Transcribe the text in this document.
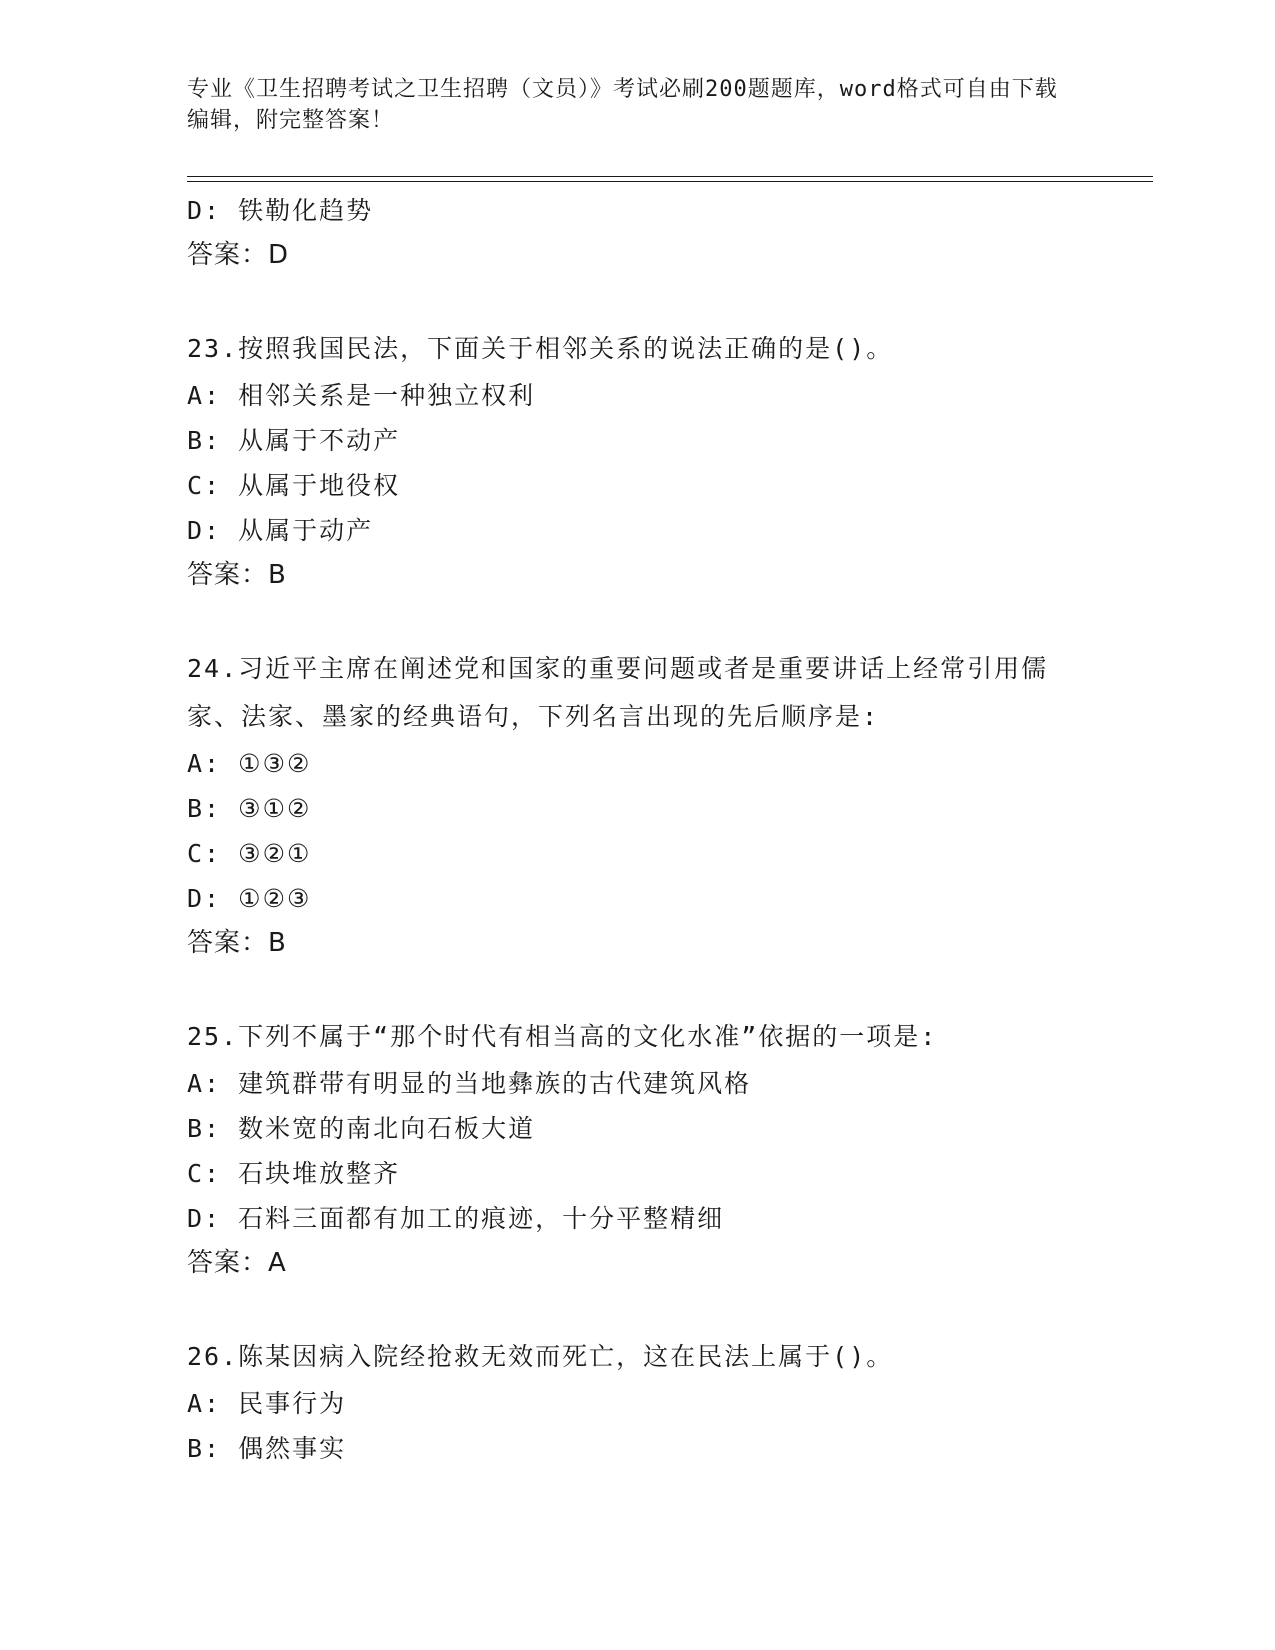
专业《卫生招聘考试之卫生招聘（文员）》考试必刷200题题库，word格式可自由下载编辑，附完整答案！
D: 铁勒化趋势
答案：D
23.按照我国民法，下面关于相邻关系的说法正确的是()。
A: 相邻关系是一种独立权利
B: 从属于不动产
C: 从属于地役权
D: 从属于动产
答案：B
24.习近平主席在阐述党和国家的重要问题或者是重要讲话上经常引用儒家、法家、墨家的经典语句，下列名言出现的先后顺序是:
A: ①③②
B: ③①②
C: ③②①
D: ①②③
答案：B
25.下列不属于“那个时代有相当高的文化水准”依据的一项是:
A: 建筑群带有明显的当地彝族的古代建筑风格
B: 数米宽的南北向石板大道
C: 石块堆放整齐
D: 石料三面都有加工的痕迹，十分平整精细
答案：A
26.陈某因病入院经抢救无效而死亡，这在民法上属于()。
A: 民事行为
B: 偶然事实
